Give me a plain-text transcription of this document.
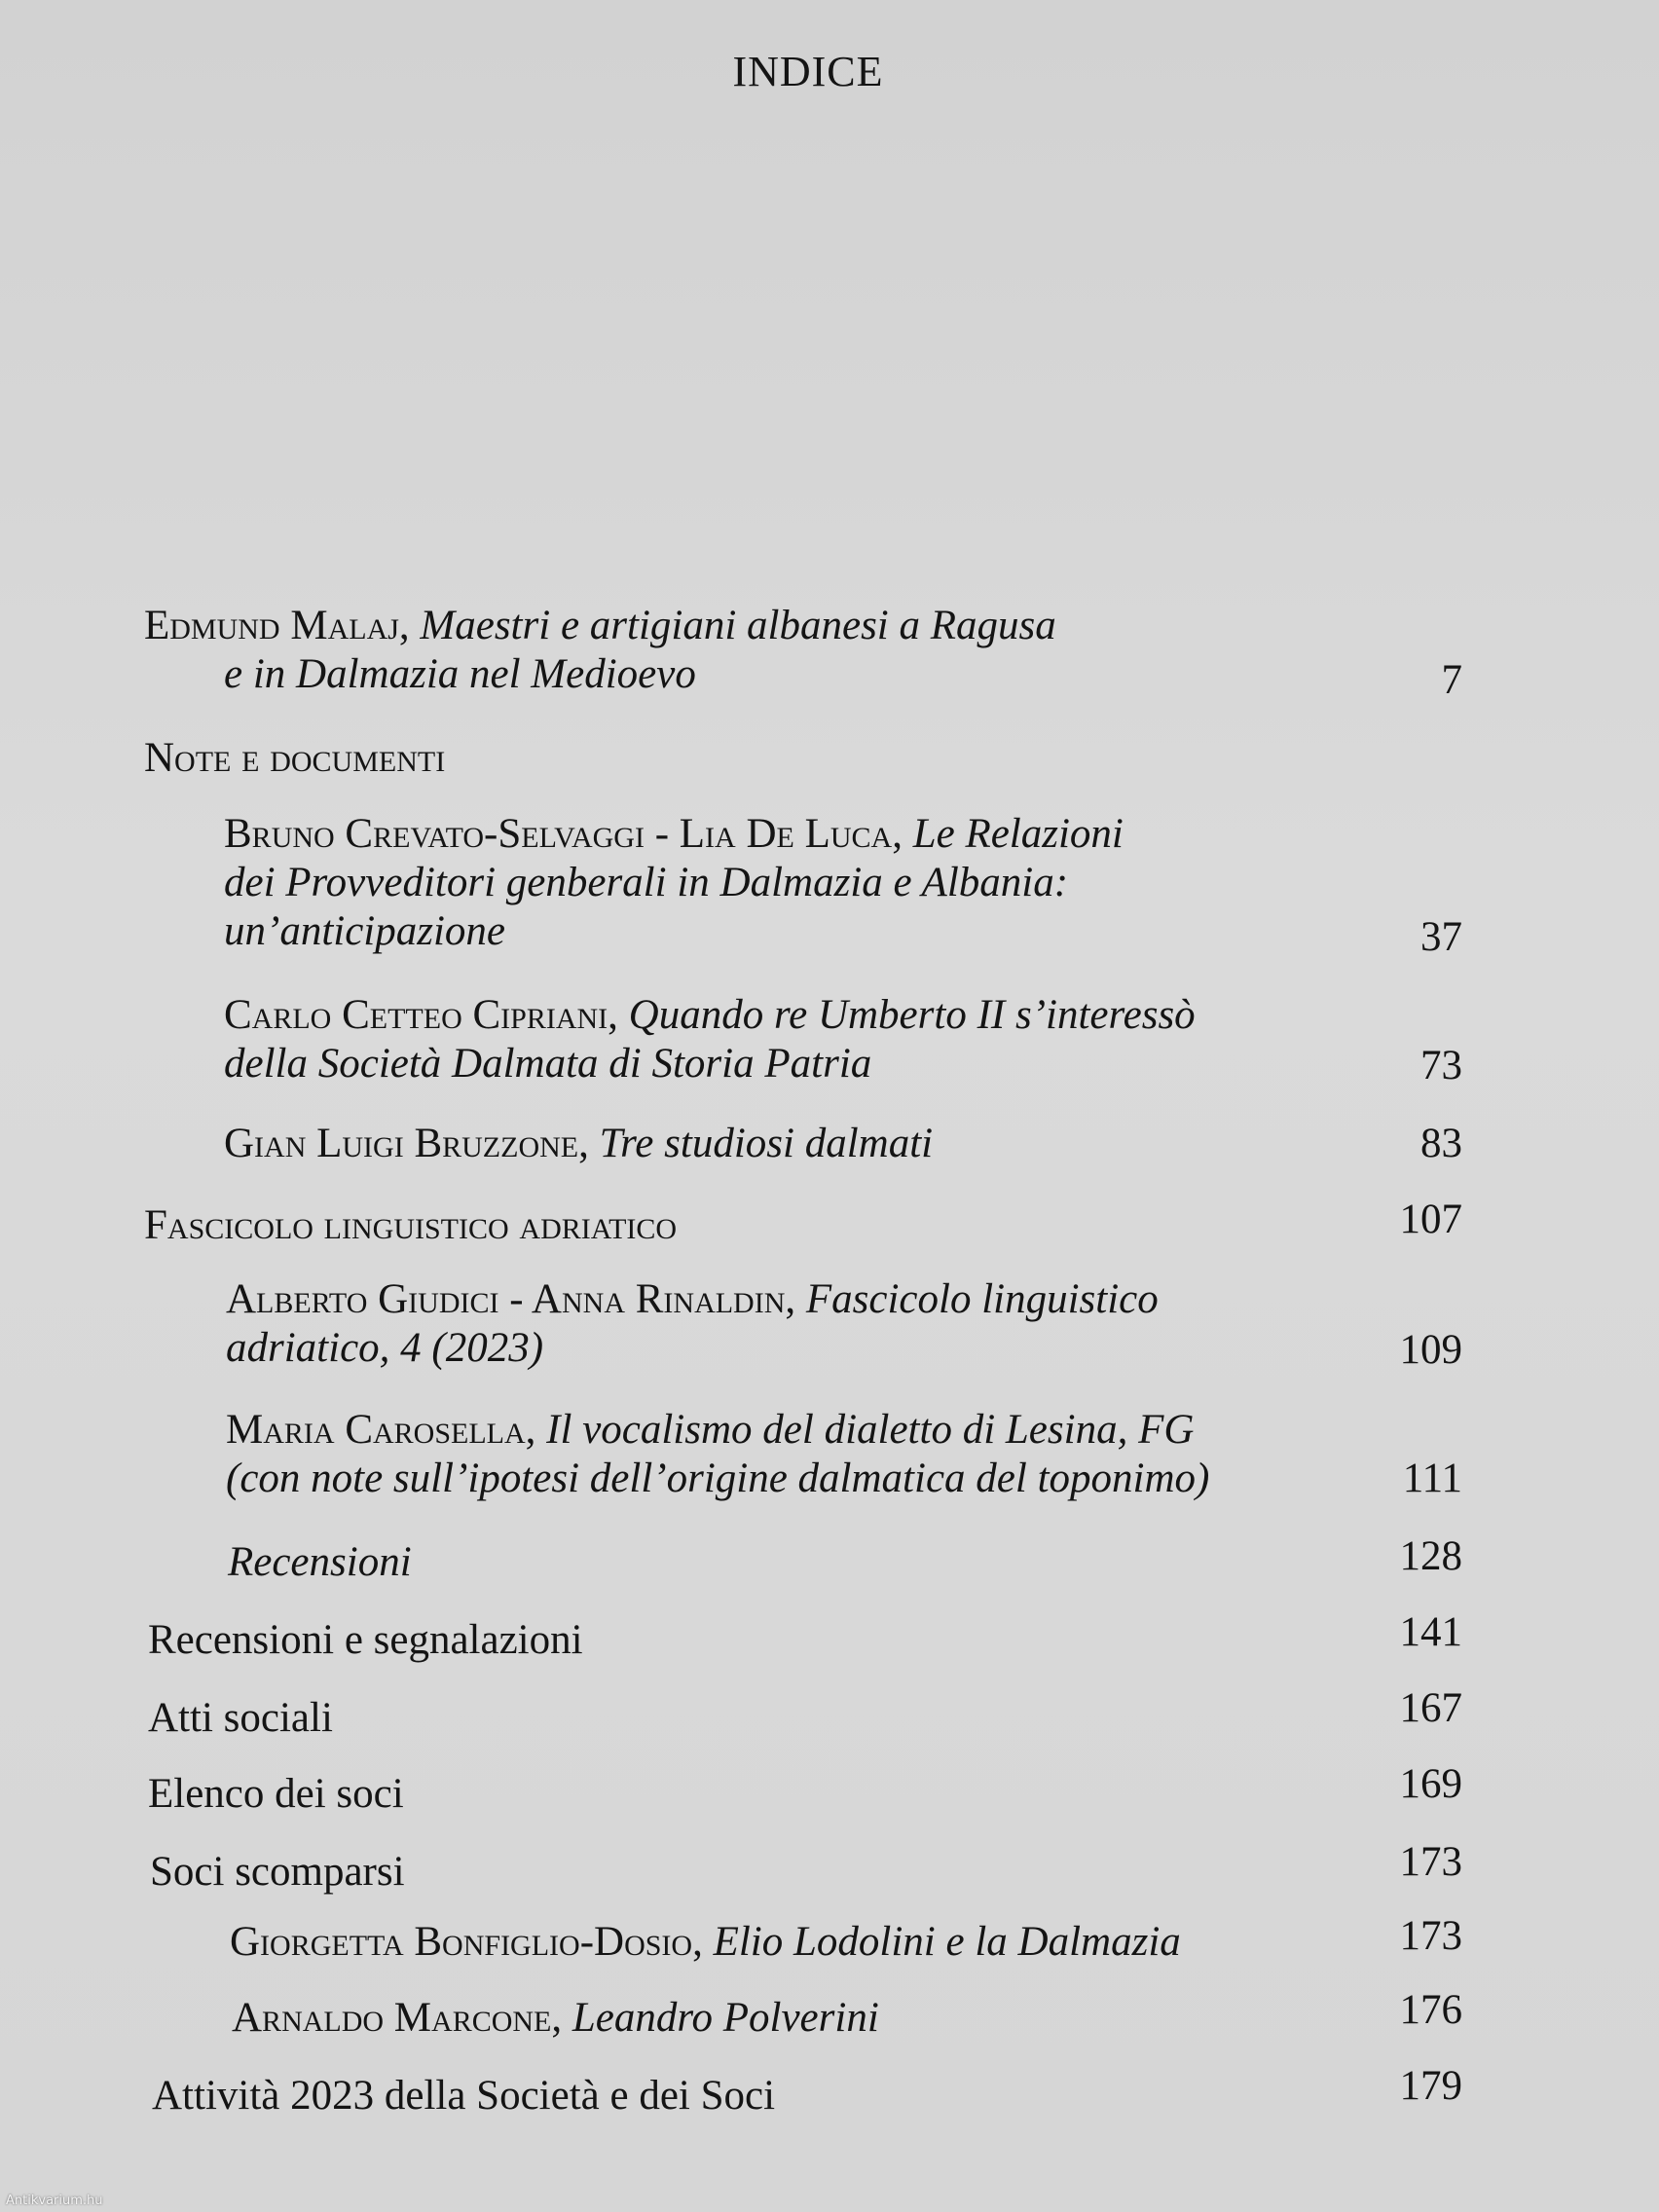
INDICE
Edmund Malaj, Maestri e artigiani albanesi a Ragusa
e in Dalmazia nel Medioevo	7
Note e documenti
Bruno Crevato-Selvaggi - Lia De Luca, Le Relazioni
dei Provveditori genberali in Dalmazia e Albania:
un’anticipazione	37
Carlo Cetteo Cipriani, Quando re Umberto II s’interessò
della Società Dalmata di Storia Patria	73
Gian Luigi Bruzzone, Tre studiosi dalmati	83
Fascicolo linguistico adriatico	107
Alberto Giudici - Anna Rinaldin, Fascicolo linguistico
adriatico, 4 (2023)	109
Maria Carosella, Il vocalismo del dialetto di Lesina, FG
(con note sull’ipotesi dell’origine dalmatica del toponimo)	111
Recensioni	128
Recensioni e segnalazioni	141
Atti sociali	167
Elenco dei soci	169
Soci scomparsi	173
Giorgetta Bonfiglio-Dosio, Elio Lodolini e la Dalmazia	173
Arnaldo Marcone, Leandro Polverini	176
Attività 2023 della Società e dei Soci	179
Antikvarium.hu
